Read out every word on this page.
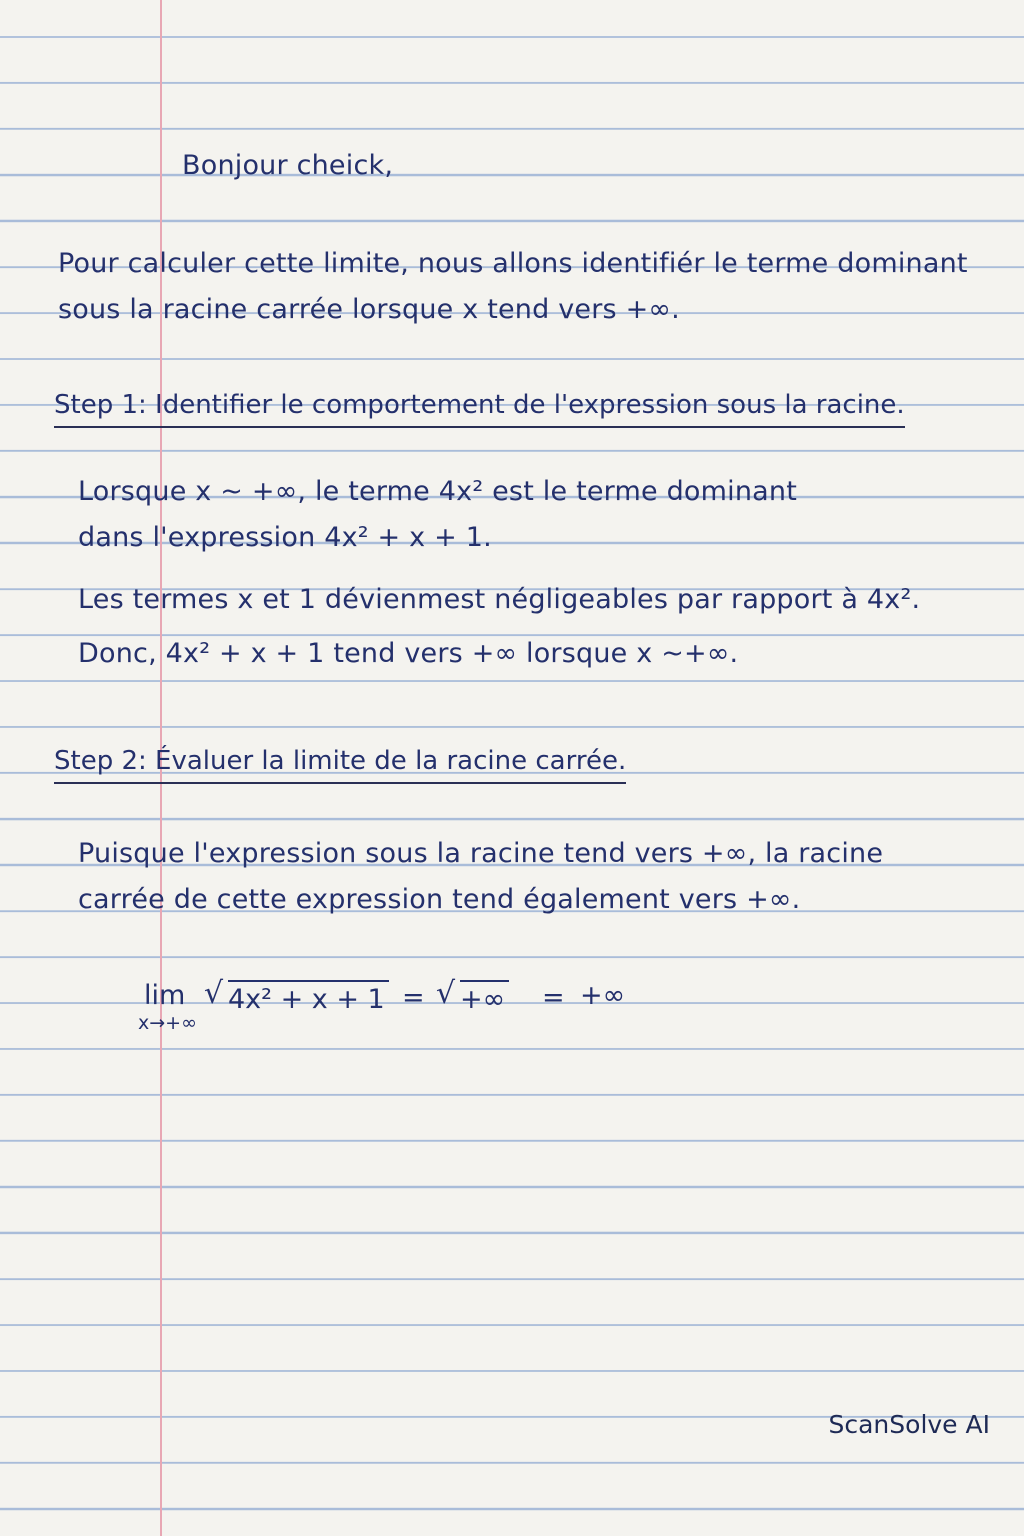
Bonjour cheick,
Pour calculer cette limite, nous allons identifiér le terme dominant
sous la racine carrée lorsque x tend vers +∞.
Step 1: Identifier le comportement de l'expression sous la racine.
Lorsque x ~ +∞, le terme 4x² est le terme dominant
dans l'expression 4x² + x + 1.
Les termes x et 1 dévienmest négligeables par rapport à 4x².
Donc, 4x² + x + 1 tend vers +∞ lorsque x ~+∞.
Step 2: Évaluer la limite de la racine carrée.
Puisque l'expression sous la racine tend vers +∞, la racine
carrée de cette expression tend également vers +∞.
lim
x→+∞
√ 4x² + x + 1 = √ +∞ = +∞
ScanSolve AI
